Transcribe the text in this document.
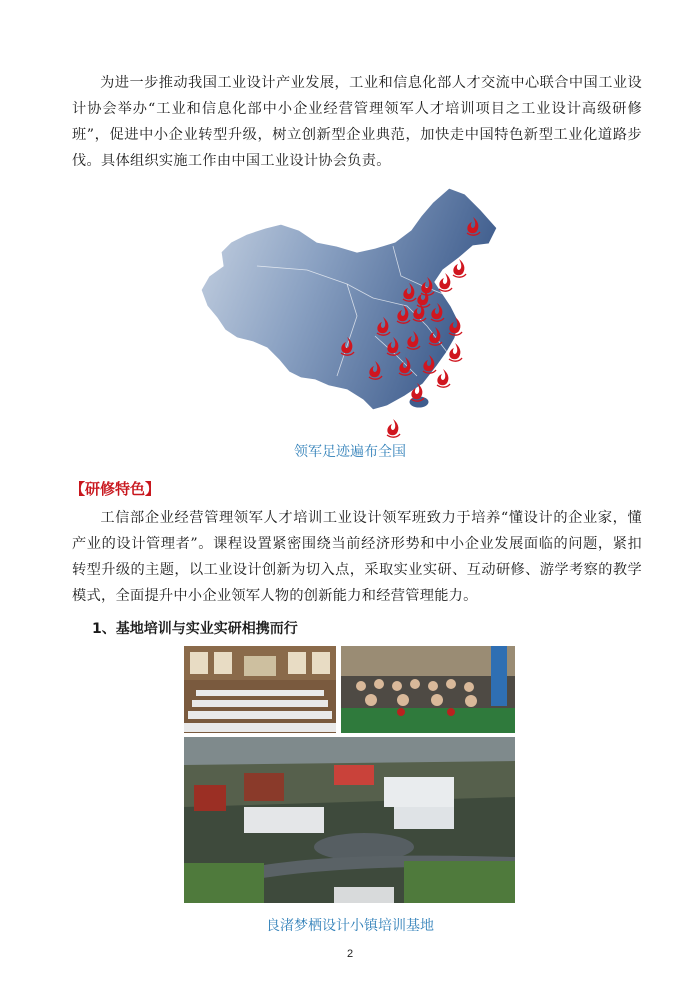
为进一步推动我国工业设计产业发展，工业和信息化部人才交流中心联合中国工业设计协会举办“工业和信息化部中小企业经营管理领军人才培训项目之工业设计高级研修班”，促进中小企业转型升级，树立创新型企业典范，加快走中国特色新型工业化道路步伐。具体组织实施工作由中国工业设计协会负责。

领军足迹遍布全国
【研修特色】

工信部企业经营管理领军人才培训工业设计领军班致力于培养“懂设计的企业家，懂产业的设计管理者”。课程设置紧密围绕当前经济形势和中小企业发展面临的问题，紧扣转型升级的主题，以工业设计创新为切入点，采取实业实研、互动研修、游学考察的教学模式，全面提升中小企业领军人物的创新能力和经营管理能力。

1、基地培训与实业实研相携而行
良渚梦栖设计小镇培训基地
2
